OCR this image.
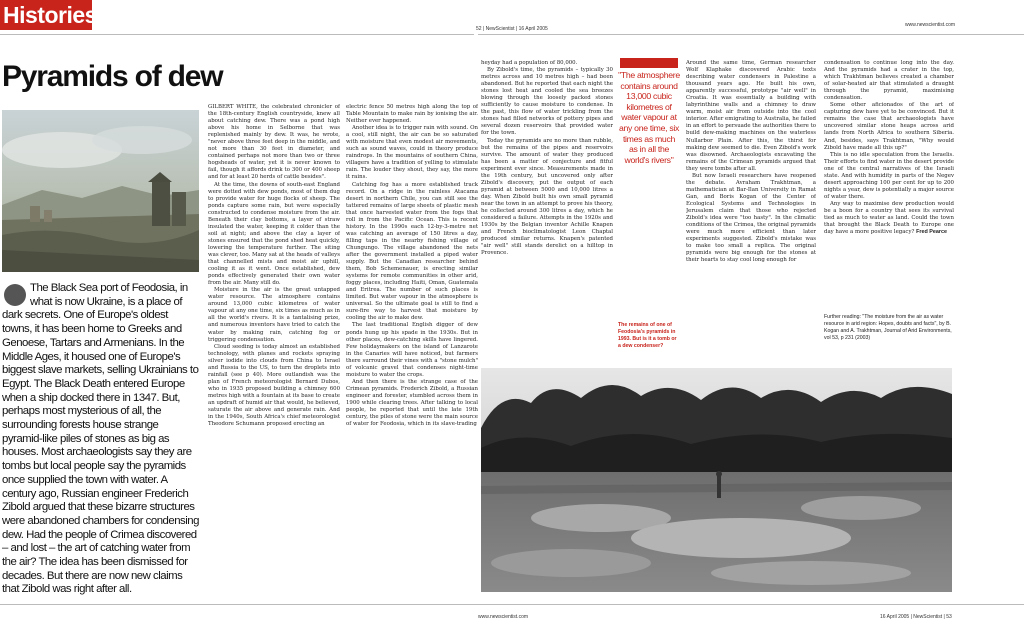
Histories
52 | NewScientist | 16 April 2005
www.newscientist.com
Pyramids of dew
The Black Sea port of Feodosia, in what is now Ukraine, is a place of dark secrets. One of Europe's oldest towns, it has been home to Greeks and Genoese, Tartars and Armenians. In the Middle Ages, it housed one of Europe's biggest slave markets, selling Ukrainians to Egypt. The Black Death entered Europe when a ship docked there in 1347. But, perhaps most mysterious of all, the surrounding forests house strange pyramid-like piles of stones as big as houses. Most archaeologists say they are tombs but local people say the pyramids once supplied the town with water. A century ago, Russian engineer Frederich Zibold argued that these bizarre structures were abandoned chambers for condensing dew. Had the people of Crimea discovered – and lost – the art of catching water from the air? The idea has been dismissed for decades. But there are now new claims that Zibold was right after all.

GILBERT WHITE, the celebrated chronicler of the 18th-century English countryside, knew all about catching dew. There was a pond high above his home in Selborne that was replenished mainly by dew. It was, he wrote, "never above three feet deep in the middle, and not more than 30 feet in diameter, and contained perhaps not more than two or three hogsheads of water, yet it is never known to fail, though it affords drink to 300 or 400 sheep and for at least 20 herds of cattle besides".

At the time, the downs of south-east England were dotted with dew ponds, most of them dug to provide water for huge flocks of sheep. The ponds capture some rain, but were especially constructed to condense moisture from the air. Beneath their clay bottoms, a layer of straw insulated the water, keeping it colder than the soil at night; and above the clay a layer of stones ensured that the pond shed heat quickly, lowering the temperature further. The siting was clever, too. Many sat at the heads of valleys that channelled mists and moist air uphill, cooling it as it went. Once established, dew ponds effectively generated their own water from the air. Many still do.

Moisture in the air is the great untapped water resource. The atmosphere contains around 13,000 cubic kilometres of water vapour at any one time, six times as much as in all the world's rivers. It is a tantalising prize, and numerous inventors have tried to catch the water by making rain, catching fog or triggering condensation.

Cloud seeding is today almost an established technology, with planes and rockets spraying silver iodide into clouds from China to Israel and Russia to the US, to turn the droplets into rainfall (see p 40). More outlandish was the plan of French meteorologist Bernard Dubos, who in 1935 proposed building a chimney 600 metres high with a fountain at its base to create an updraft of humid air that would, he believed, saturate the air above and generate rain. And in the 1940s, South Africa's chief meteorologist Theodore Schumann proposed erecting an

electric fence 50 metres high along the top of Table Mountain to make rain by ionising the air. Neither ever happened.

Another idea is to trigger rain with sound. On a cool, still night, the air can be so saturated with moisture that even modest air movements, such as sound waves, could in theory produce raindrops. In the mountains of southern China, villagers have a tradition of yelling to stimulate rain. The louder they shout, they say, the more it rains.

Catching fog has a more established track record. On a ridge in the rainless Atacama desert in northern Chile, you can still see the tattered remains of large sheets of plastic mesh that once harvested water from the fogs that roll in from the Pacific Ocean. This is recent history. In the 1990s each 12-by-3-metre net was catching an average of 150 litres a day, filling taps in the nearby fishing village of Chungungo. The village abandoned the nets after the government installed a piped water supply. But the Canadian researcher behind them, Bob Schemenauer, is erecting similar systems for remote communities in other arid, foggy places, including Haiti, Oman, Guatemala and Eritrea. The number of such places is limited. But water vapour in the atmosphere is universal. So the ultimate goal is still to find a sure-fire way to harvest that moisture by cooling the air to make dew.

The last traditional English digger of dew ponds hung up his spade in the 1930s. But in other places, dew-catching skills have lingered. Few holidaymakers on the island of Lanzarote in the Canaries will have noticed, but farmers there surround their vines with a "stone mulch" of volcanic gravel that condenses night-time moisture to water the crops.

And then there is the strange case of the Crimean pyramids. Frederich Zibold, a Russian engineer and forester, stumbled across them in 1900 while clearing trees. After talking to local people, he reported that until the late 19th century, the piles of stone were the main source of water for Feodosia, which in its slave-trading

heyday had a population of 80,000.

By Zibold's time, the pyramids – typically 30 metres across and 10 metres high – had been abandoned. But he reported that each night the stones lost heat and cooled the sea breezes blowing through the loosely packed stones sufficiently to cause moisture to condense. In the past, this flow of water trickling from the stones had filled networks of pottery pipes and several dozen reservoirs that provided water for the town.

Today the pyramids are no more than rubble, but the remains of the pipes and reservoirs survive. The amount of water they produced has been a matter of conjecture and fitful experiment ever since. Measurements made in the 19th century, but uncovered only after Zibold's discovery, put the output of each pyramid at between 5000 and 10,000 litres a day. When Zibold built his own small pyramid near the town in an attempt to prove his theory, he collected around 300 litres a day, which he considered a failure. Attempts in the 1920s and 1930s by the Belgian inventor Achille Knapen and French bioclimatologist Leon Chaptal produced similar returns. Knapen's patented "air well" still stands derelict on a hilltop in Provence.

"The atmosphere contains around 13,000 cubic kilometres of water vapour at any one time, six times as much as in all the world's rivers"

Around the same time, German researcher Wolf Klaphake discovered Arabic texts describing water condensers in Palestine a thousand years ago. He built his own, apparently successful, prototype "air well" in Croatia. It was essentially a building with labyrinthine walls and a chimney to draw warm, moist air from outside into the cool interior. After emigrating to Australia, he failed in an effort to persuade the authorities there to build dew-making machines on the waterless Nullarbor Plain. After this, the thirst for making dew seemed to die. Even Zibold's work was disowned. Archaeologists excavating the remains of the Crimean pyramids argued that they were tombs after all.

But now Israeli researchers have reopened the debate. Avraham Trakhtman, a mathematician at Bar-Ilan University in Ramat Gan, and Boris Kogan of the Center of Ecological Systems and Technologies in Jerusalem claim that those who rejected Zibold's idea were "too hasty". In the climatic conditions of the Crimea, the original pyramids were much more efficient than later experiments suggested. Zibold's mistake was to make too small a replica. The original pyramids were big enough for the stones at their hearts to stay cool long enough for

condensation to continue long into the day. And the pyramids had a crater in the top, which Trakhtman believes created a chamber of solar-heated air that stimulated a draught through the pyramid, maximising condensation.

Some other aficionados of the art of capturing dew have yet to be convinced. But it remains the case that archaeologists have uncovered similar stone heaps across arid lands from North Africa to southern Siberia. And, besides, says Trakhtman, "Why would Zibold have made all this up?"

This is no idle speculation from the Israelis. Their efforts to find water in the desert provide one of the central narratives of the Israeli state. And with humidity in parts of the Negev desert approaching 100 per cent for up to 200 nights a year, dew is potentially a major source of water there.

Any way to maximise dew production would be a boon for a country that sees its survival tied as much to water as land. Could the town that brought the Black Death to Europe one day have a more positive legacy? Fred Pearce

Further reading: "The moisture from the air as water resource in arid region: Hopes, doubts and facts", by B. Kogan and A. Trakhtman, Journal of Arid Environments, vol 53, p 231 (2003)
The remains of one of Feodosia's pyramids in 1993. But is it a tomb or a dew condenser?
www.newscientist.com	16 April 2005 | NewScientist | 53
